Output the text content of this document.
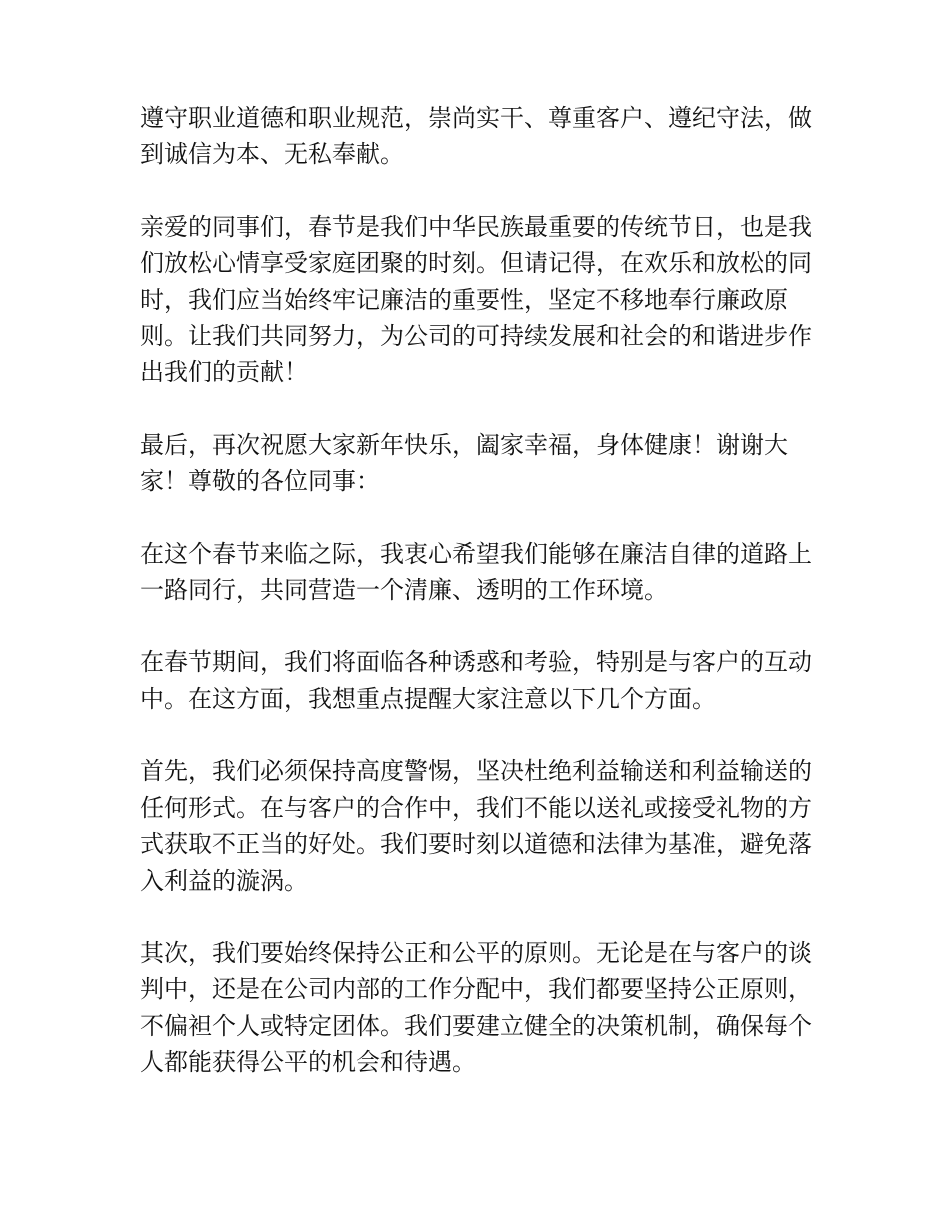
遵守职业道德和职业规范，崇尚实干、尊重客户、遵纪守法，做到诚信为本、无私奉献。

亲爱的同事们，春节是我们中华民族最重要的传统节日，也是我们放松心情享受家庭团聚的时刻。但请记得，在欢乐和放松的同时，我们应当始终牢记廉洁的重要性，坚定不移地奉行廉政原则。让我们共同努力，为公司的可持续发展和社会的和谐进步作出我们的贡献！

最后，再次祝愿大家新年快乐，阖家幸福，身体健康！谢谢大家！尊敬的各位同事：

在这个春节来临之际，我衷心希望我们能够在廉洁自律的道路上一路同行，共同营造一个清廉、透明的工作环境。

在春节期间，我们将面临各种诱惑和考验，特别是与客户的互动中。在这方面，我想重点提醒大家注意以下几个方面。

首先，我们必须保持高度警惕，坚决杜绝利益输送和利益输送的任何形式。在与客户的合作中，我们不能以送礼或接受礼物的方式获取不正当的好处。我们要时刻以道德和法律为基准，避免落入利益的漩涡。

其次，我们要始终保持公正和公平的原则。无论是在与客户的谈判中，还是在公司内部的工作分配中，我们都要坚持公正原则，不偏袒个人或特定团体。我们要建立健全的决策机制，确保每个人都能获得公平的机会和待遇。
